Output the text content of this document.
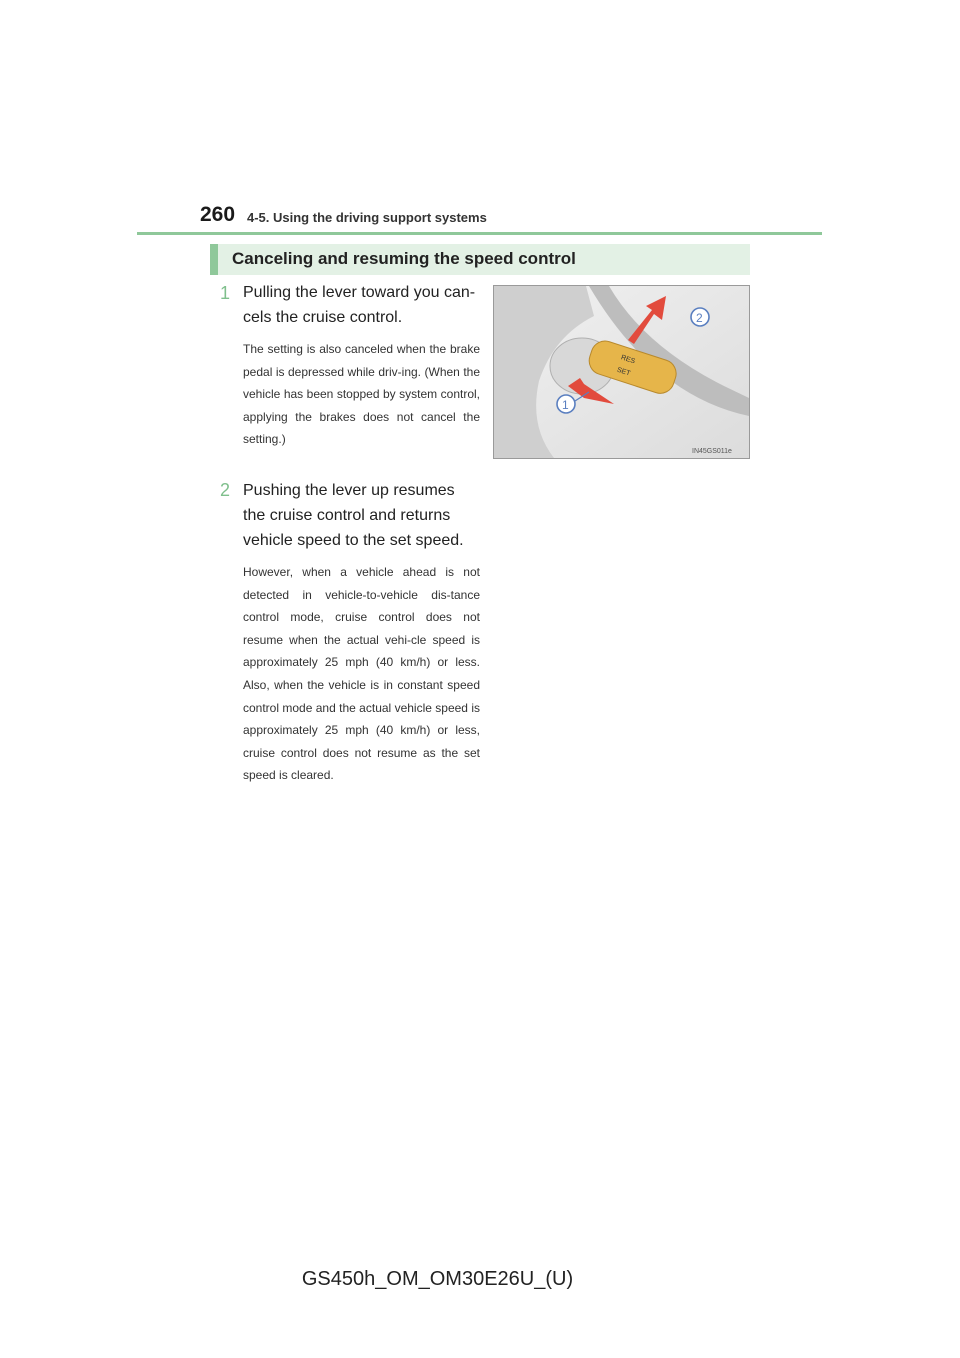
260 4-5. Using the driving support systems
Canceling and resuming the speed control
1 Pulling the lever toward you can-cels the cruise control.
The setting is also canceled when the brake pedal is depressed while driv-ing. (When the vehicle has been stopped by system control, applying the brakes does not cancel the setting.)
2 Pushing the lever up resumes the cruise control and returns vehicle speed to the set speed.
However, when a vehicle ahead is not detected in vehicle-to-vehicle dis-tance control mode, cruise control does not resume when the actual vehi-cle speed is approximately 25 mph (40 km/h) or less. Also, when the vehicle is in constant speed control mode and the actual vehicle speed is approximately 25 mph (40 km/h) or less, cruise control does not resume as the set speed is cleared.
RES
SET
1
2
IN45GS011e
GS450h_OM_OM30E26U_(U)
